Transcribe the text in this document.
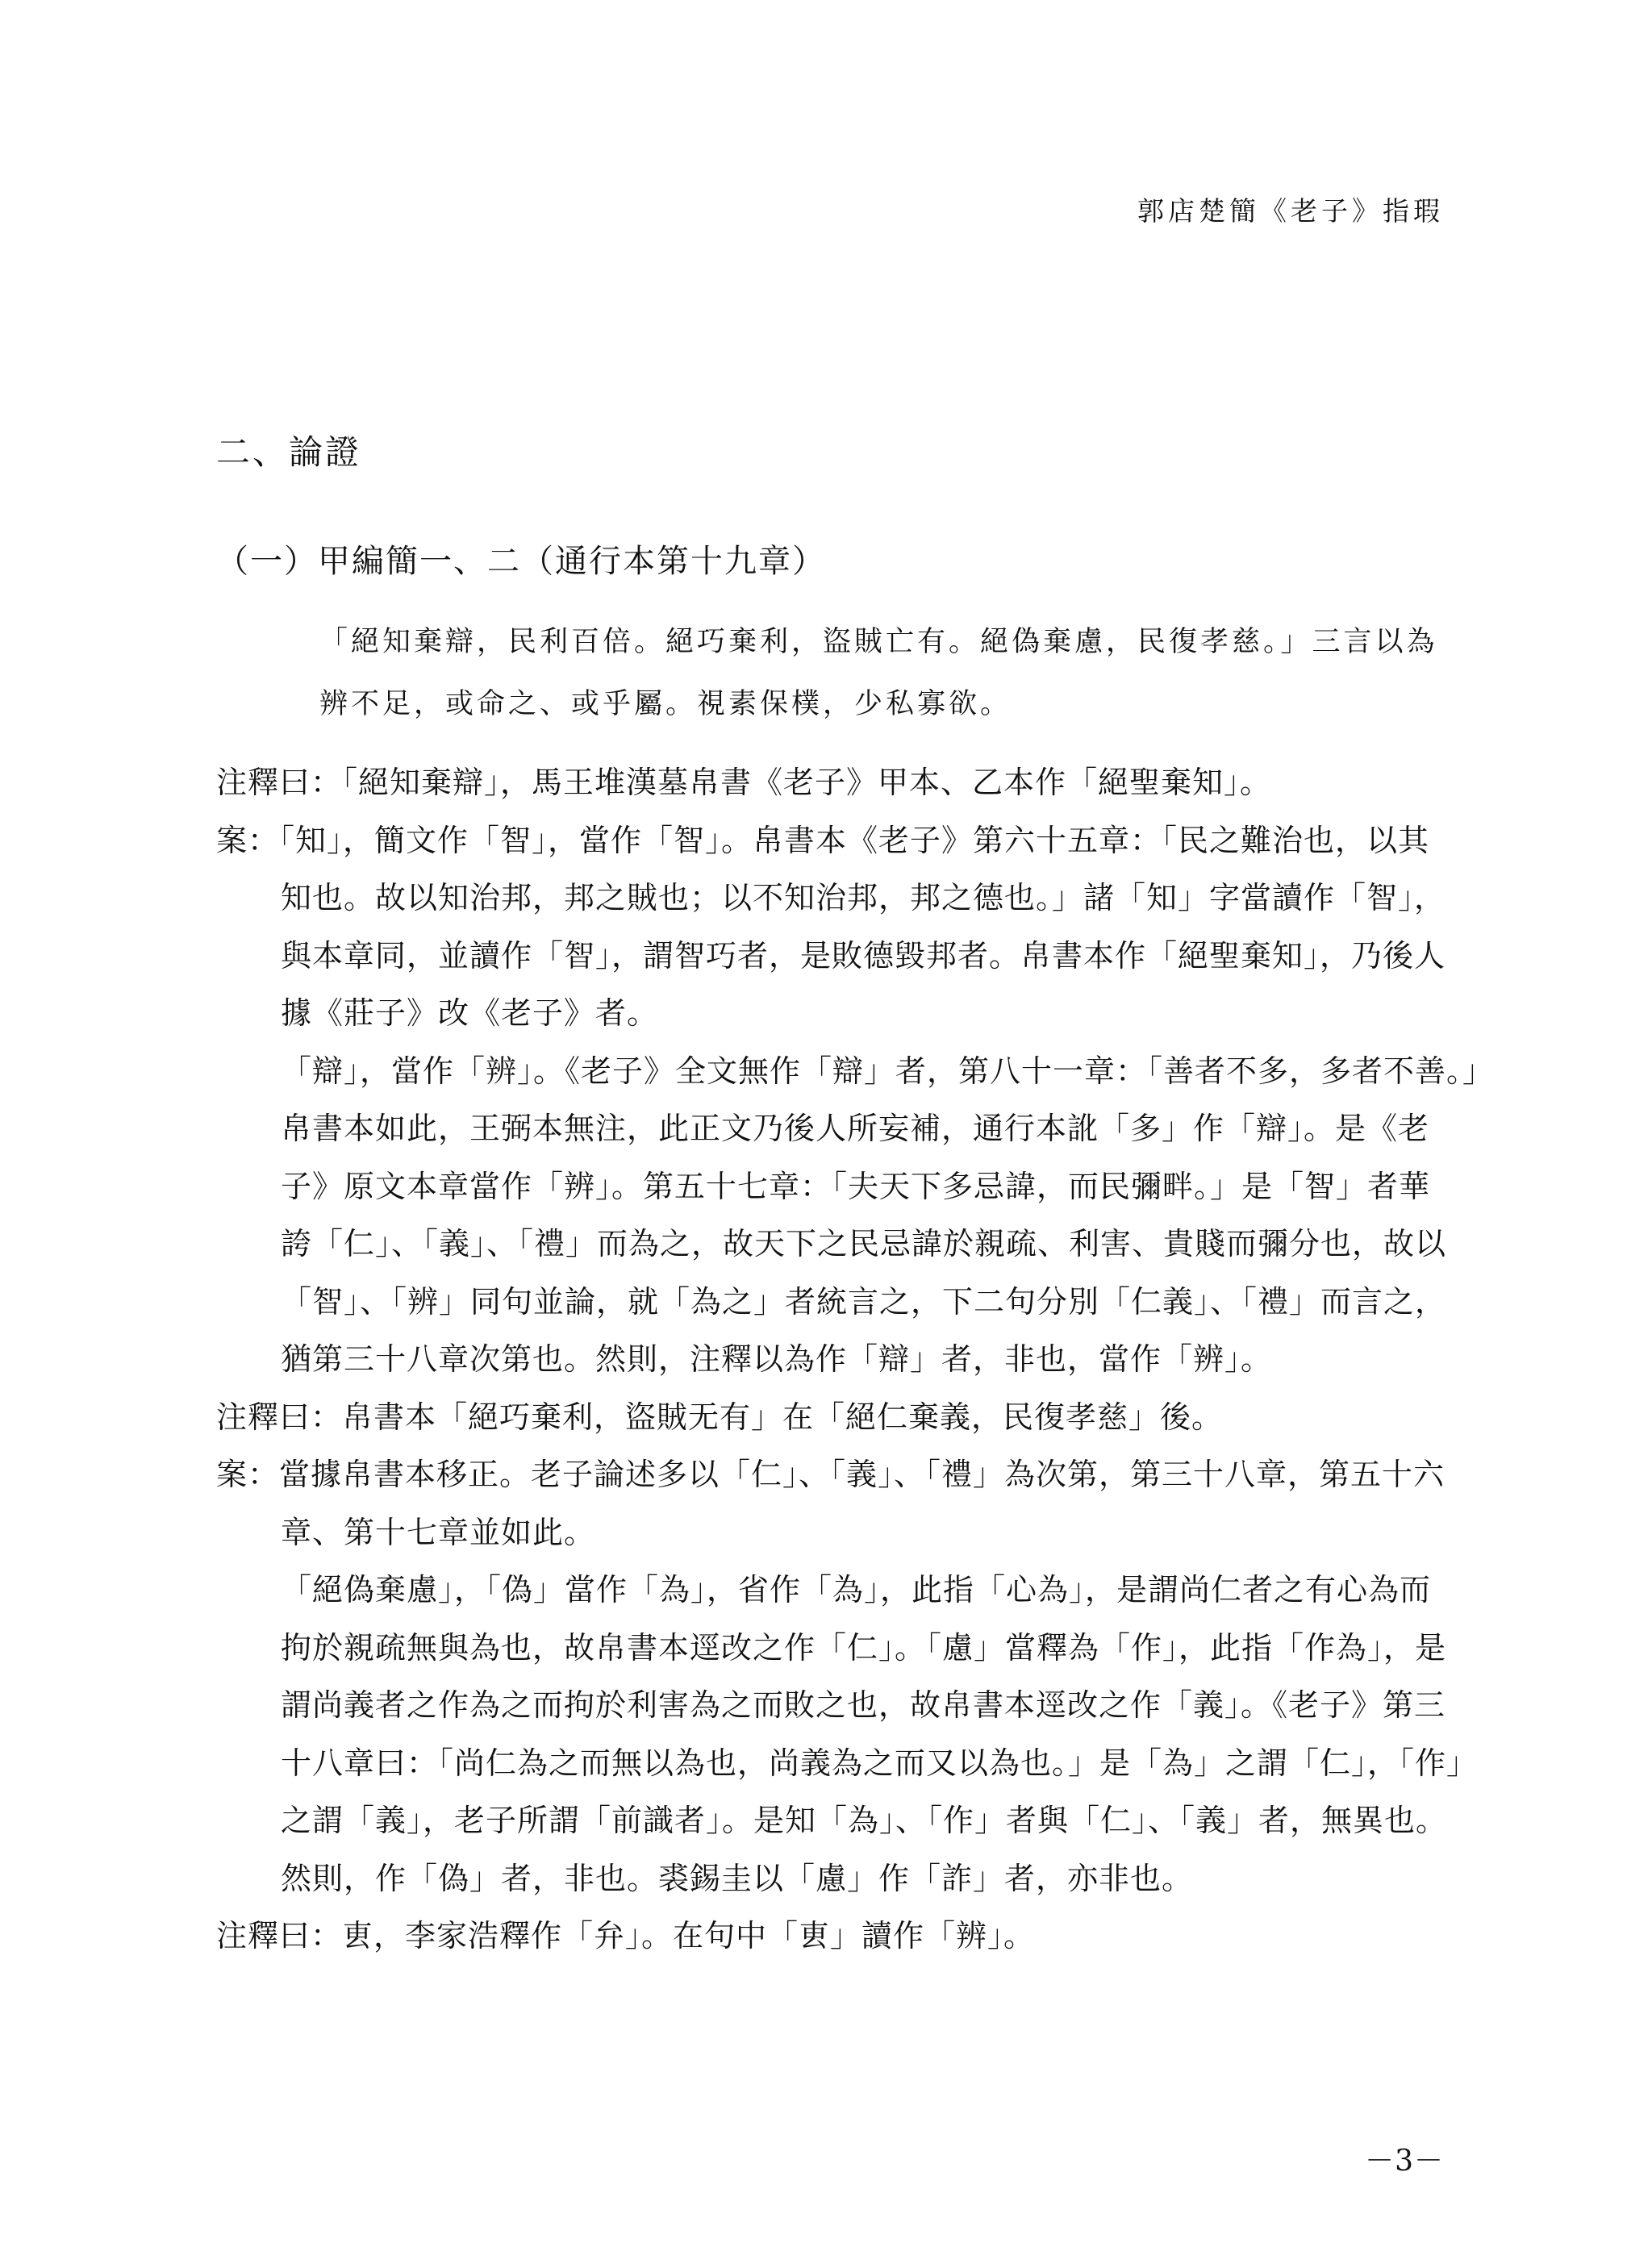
郭店楚簡《老子》指瑕
二、論證
（一）甲編簡一、二（通行本第十九章）

「絕知棄辯，民利百倍。絕巧棄利，盜賊亡有。絕偽棄慮，民復孝慈。」三言以為

辨不足，或命之、或乎屬。視素保樸，少私寡欲。

注釋曰：「絕知棄辯」，馬王堆漢墓帛書《老子》甲本、乙本作「絕聖棄知」。

案：「知」，簡文作「智」，當作「智」。帛書本《老子》第六十五章：「民之難治也，以其

知也。故以知治邦，邦之賊也；以不知治邦，邦之德也。」諸「知」字當讀作「智」，

與本章同，並讀作「智」，謂智巧者，是敗德毀邦者。帛書本作「絕聖棄知」，乃後人

據《莊子》改《老子》者。

「辯」，當作「辨」。《老子》全文無作「辯」者，第八十一章：「善者不多，多者不善。」

帛書本如此，王弼本無注，此正文乃後人所妄補，通行本訛「多」作「辯」。是《老

子》原文本章當作「辨」。第五十七章：「夫天下多忌諱，而民彌畔。」是「智」者華

誇「仁」、「義」、「禮」而為之，故天下之民忌諱於親疏、利害、貴賤而彌分也，故以

「智」、「辨」同句並論，就「為之」者統言之，下二句分別「仁義」、「禮」而言之，

猶第三十八章次第也。然則，注釋以為作「辯」者，非也，當作「辨」。

注釋曰：帛書本「絕巧棄利，盜賊无有」在「絕仁棄義，民復孝慈」後。

案：當據帛書本移正。老子論述多以「仁」、「義」、「禮」為次第，第三十八章，第五十六

章、第十七章並如此。

「絕偽棄慮」，「偽」當作「為」，省作「為」，此指「心為」，是謂尚仁者之有心為而

拘於親疏無與為也，故帛書本逕改之作「仁」。「慮」當釋為「作」，此指「作為」，是

謂尚義者之作為之而拘於利害為之而敗之也，故帛書本逕改之作「義」。《老子》第三

十八章曰：「尚仁為之而無以為也，尚義為之而又以為也。」是「為」之謂「仁」，「作」

之謂「義」，老子所謂「前識者」。是知「為」、「作」者與「仁」、「義」者，無異也。

然則，作「偽」者，非也。裘錫圭以「慮」作「詐」者，亦非也。

注釋曰：叀，李家浩釋作「弁」。在句中「叀」讀作「辨」。

－3－
